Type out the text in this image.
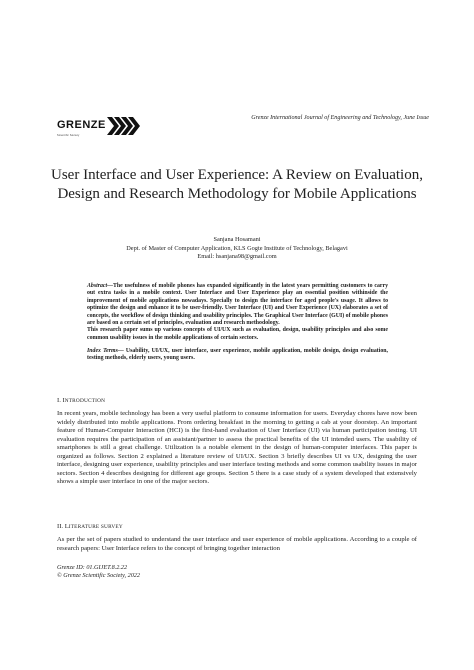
GRENZE
Scientific Society
Grenze International Journal of Engineering and Technology, June Issue
User Interface and User Experience: A Review on Evaluation, Design and Research Methodology for Mobile Applications
Sanjana Hosamani
Dept. of Master of Computer Application, KLS Gogte Institute of Technology, Belagavi
Email: hsanjana98@gmail.com

Abstract—The usefulness of mobile phones has expanded significantly in the latest years permitting customers to carry out extra tasks in a mobile context. User Interface and User Experience play an essential position withinside the improvement of mobile applications nowadays. Specially to design the interface for aged people's usage. It allows to optimize the design and enhance it to be user-friendly. User Interface (UI) and User Experience (UX) elaborates a set of concepts, the workflow of design thinking and usability principles. The Graphical User Interface (GUI) of mobile phones are based on a certain set of principles, evaluation and research methodology.

This research paper sums up various concepts of UI/UX such as evaluation, design, usability principles and also some common usability issues in the mobile applications of certain sectors.

Index Terms— Usability, UI/UX, user interface, user experience, mobile application, mobile design, design evaluation, testing methods, elderly users, young users.
I. INTRODUCTION

In recent years, mobile technology has been a very useful platform to consume information for users. Everyday chores have now been widely distributed into mobile applications. From ordering breakfast in the morning to getting a cab at your doorstep. An important feature of Human-Computer Interaction (HCI) is the first-hand evaluation of User Interface (UI) via human participation testing. UI evaluation requires the participation of an assistant/partner to assess the practical benefits of the UI intended users. The usability of smartphones is still a great challenge. Utilization is a notable element in the design of human-computer interfaces. This paper is organized as follows. Section 2 explained a literature review of UI/UX. Section 3 briefly describes UI vs UX, designing the user interface, designing user experience, usability principles and user interface testing methods and some common usability issues in major sectors. Section 4 describes designing for different age groups. Section 5 there is a case study of a system developed that extensively shows a simple user interface in one of the major sectors.

II. LITERATURE SURVEY

As per the set of papers studied to understand the user interface and user experience of mobile applications. According to a couple of research papers: User Interface refers to the concept of bringing together interaction

Grenze ID: 01.GIJET.8.2.22
© Grenze Scientific Society, 2022
